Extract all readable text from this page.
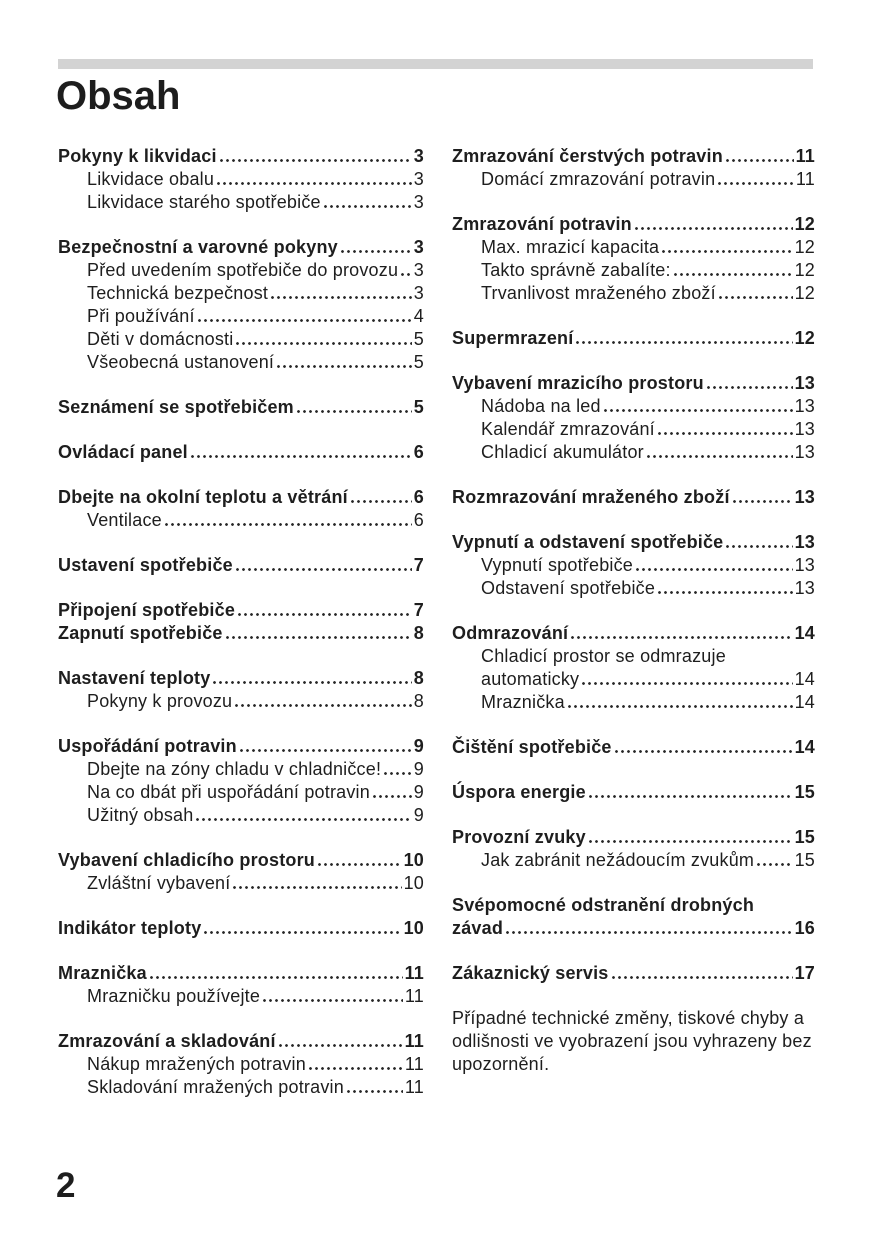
Obsah
Pokyny k likvidaci	3
Likvidace obalu	3
Likvidace starého spotřebiče	3
Bezpečnostní a varovné pokyny	3
Před uvedením spotřebiče do provozu 3
Technická bezpečnost	3
Při používání	4
Děti v domácnosti	5
Všeobecná ustanovení	5
Seznámení se spotřebičem	5
Ovládací panel	6
Dbejte na okolní teplotu a větrání	6
Ventilace	6
Ustavení spotřebiče	7
Připojení spotřebiče	7
Zapnutí spotřebiče	8
Nastavení teploty	8
Pokyny k provozu	8
Uspořádání potravin	9
Dbejte na zóny chladu v chladničce! 9
Na co dbát při uspořádání potravin 9
Užitný obsah	9
Vybavení chladicího prostoru	10
Zvláštní vybavení	10
Indikátor teploty	10
Mraznička	11
Mrazničku používejte	11
Zmrazování a skladování	11
Nákup mražených potravin	11
Skladování mražených potravin	11
Zmrazování čerstvých potravin	11
Domácí zmrazování potravin	11
Zmrazování potravin	12
Max. mrazicí kapacita	12
Takto správně zabalíte:	12
Trvanlivost mraženého zboží	12
Supermrazení	12
Vybavení mrazicího prostoru	13
Nádoba na led	13
Kalendář zmrazování	13
Chladicí akumulátor	13
Rozmrazování mraženého zboží	13
Vypnutí a odstavení spotřebiče	13
Vypnutí spotřebiče	13
Odstavení spotřebiče	13
Odmrazování	14
Chladicí prostor se odmrazuje
automaticky	14
Mraznička	14
Čištění spotřebiče	14
Úspora energie	15
Provozní zvuky	15
Jak zabránit nežádoucím zvukům 15
Svépomocné odstranění drobných
závad	16
Zákaznický servis	17

Případné technické změny, tiskové chyby a odlišnosti ve vyobrazení jsou vyhrazeny bez upozornění.

2
